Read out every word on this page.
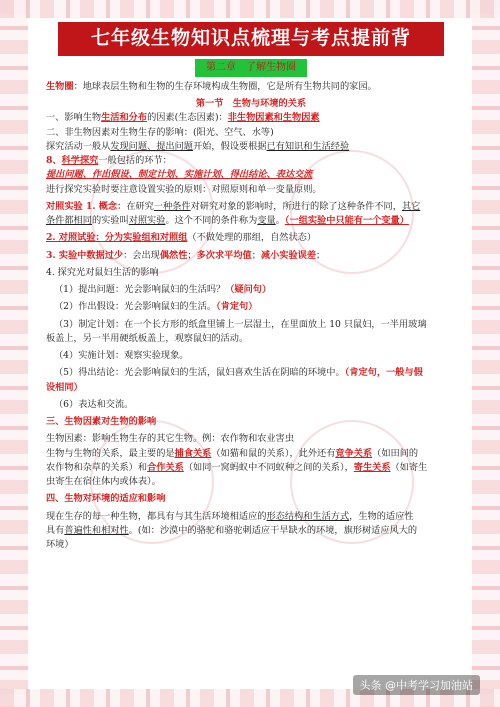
七年级生物知识点梳理与考点提前背
第二章　了解生物圈

生物圈：地球表层生物和生物的生存环境构成生物圈，它是所有生物共同的家园。

第一节　生物与环境的关系

一、影响生物生活和分布的因素(生态因素)：非生物因素和生物因素

二、非生物因素对生物生存的影响：(阳光、空气、水等)

探究活动一般从发现问题、提出问题开始，假设要根据已有知识和生活经验

8、科学探究一般包括的环节：

提出问题、作出假设、制定计划、实施计划、得出结论、表达交流

进行探究实验时要注意设置实验的原则：对照原则和单一变量原则。

对照实验 1. 概念：在研究一种条件对研究对象的影响时，所进行的除了这种条件不同，其它

条件都相同的实验叫对照实验。这个不同的条件称为变量。（一组实验中只能有一个变量）

2. 对照试验：分为实验组和对照组（不做处理的那组，自然状态）

3. 实验中数据过少：会出现偶然性；多次求平均值；减小实验误差；

4. 探究光对鼠妇生活的影响

（1）提出问题：光会影响鼠妇的生活吗？（疑问句）

（2）作出假设：光会影响鼠妇的生活。（肯定句）

（3）制定计划：在一个长方形的纸盒里铺上一层湿土，在里面放上 10 只鼠妇，一半用玻璃

板盖上，另一半用硬纸板盖上，观察鼠妇的活动。

（4）实施计划：观察实验现象。

（5）得出结论：光会影响鼠妇的生活，鼠妇喜欢生活在阴暗的环境中。（肯定句，一般与假

设相同）

（6）表达和交流。

三、生物因素对生物的影响

生物因素：影响生物生存的其它生物。例：农作物和农业害虫

生物与生物的关系，最主要的是捕食关系（如猫和鼠的关系），此外还有竞争关系（如田间的

农作物和杂草的关系）和合作关系（如同一窝蚂蚁中不同蚁种之间的关系），寄生关系（如寄生

虫寄生在宿住体内或体表）。

四、生物对环境的适应和影响

现在生存的每一种生物，都具有与其生活环境相适应的形态结构和生活方式，生物的适应性

具有普遍性和相对性。(如：沙漠中的骆驼和骆驼刺适应干旱缺水的环境，旗形树适应风大的

环境）

头条 @中考学习加油站
